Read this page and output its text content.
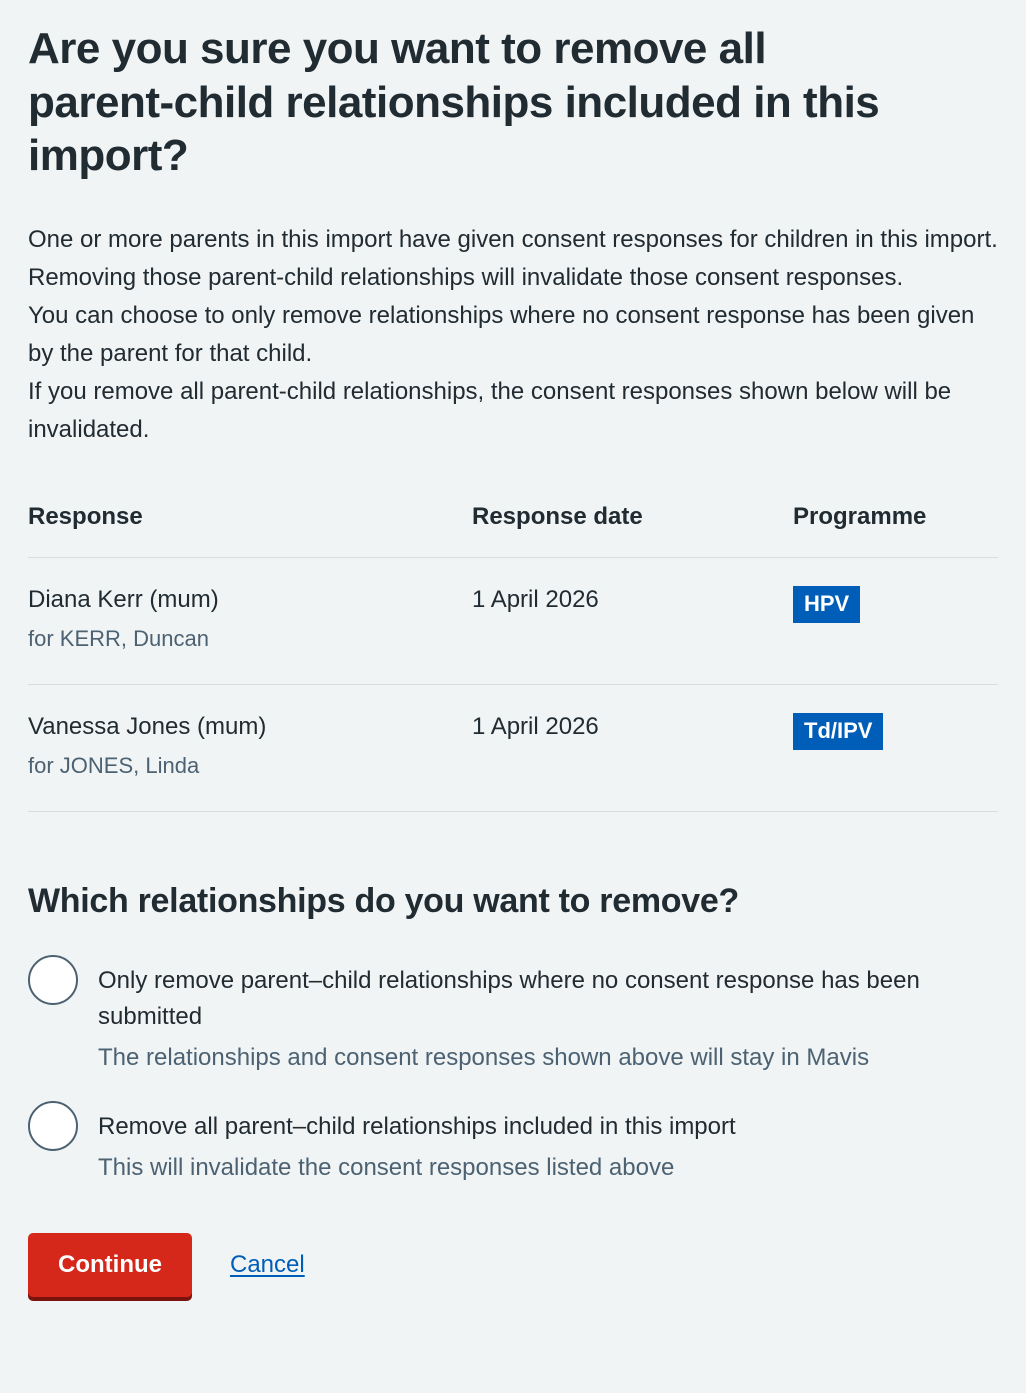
Are you sure you want to remove all
parent-child relationships included in this
import?
One or more parents in this import have given consent responses for children in this import.
Removing those parent-child relationships will invalidate those consent responses.
You can choose to only remove relationships where no consent response has been given by the parent for that child.
If you remove all parent-child relationships, the consent responses shown below will be invalidated.
Response	Response date	Programme

Diana Kerr (mum)
for KERR, Duncan	1 April 2026	HPV

Vanessa Jones (mum)
for JONES, Linda	1 April 2026	Td/IPV
Which relationships do you want to remove?
Only remove parent–child relationships where no consent response has been submitted
The relationships and consent responses shown above will stay in Mavis
Remove all parent–child relationships included in this import
This will invalidate the consent responses listed above
Continue	Cancel
